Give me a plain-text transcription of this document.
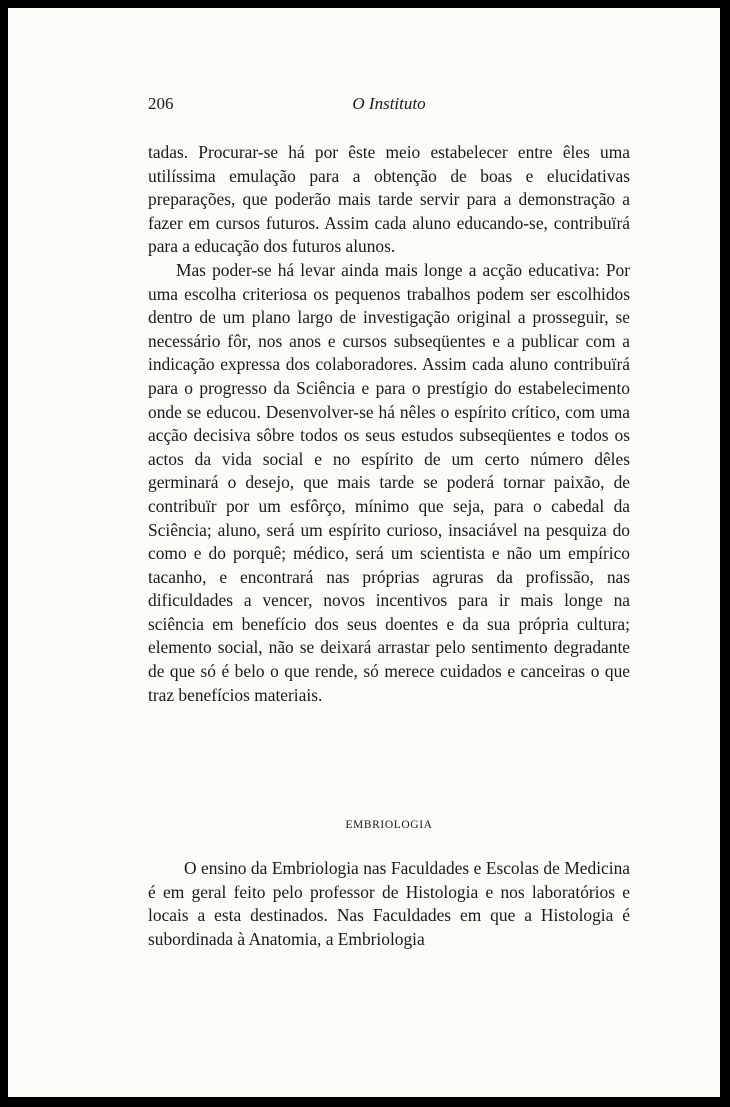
206	O Instituto

tadas. Procurar-se há por êste meio estabelecer entre êles uma utilíssima emulação para a obtenção de boas e elucidativas preparações, que poderão mais tarde servir para a demonstração a fazer em cursos futuros. Assim cada aluno educando-se, contribuïrá para a educação dos futuros alunos.

Mas poder-se há levar ainda mais longe a acção educativa: Por uma escolha criteriosa os pequenos trabalhos podem ser escolhidos dentro de um plano largo de investigação original a prosseguir, se necessário fôr, nos anos e cursos subseqüentes e a publicar com a indicação expressa dos colaboradores. Assim cada aluno contribuïrá para o progresso da Sciência e para o prestígio do estabelecimento onde se educou. Desenvolver-se há nêles o espírito crítico, com uma acção decisiva sôbre todos os seus estudos subseqüentes e todos os actos da vida social e no espírito de um certo número dêles germinará o desejo, que mais tarde se poderá tornar paixão, de contribuïr por um esfôrço, mínimo que seja, para o cabedal da Sciência; aluno, será um espírito curioso, insaciável na pesquiza do como e do porquê; médico, será um scientista e não um empírico tacanho, e encontrará nas próprias agruras da profissão, nas dificuldades a vencer, novos incentivos para ir mais longe na sciência em benefício dos seus doentes e da sua própria cultura; elemento social, não se deixará arrastar pelo sentimento degradante de que só é belo o que rende, só merece cuidados e canceiras o que traz benefícios materiais.

EMBRIOLOGIA

O ensino da Embriologia nas Faculdades e Escolas de Medicina é em geral feito pelo professor de Histologia e nos laboratórios e locais a esta destinados. Nas Faculdades em que a Histologia é subordinada à Anatomia, a Embriologia
